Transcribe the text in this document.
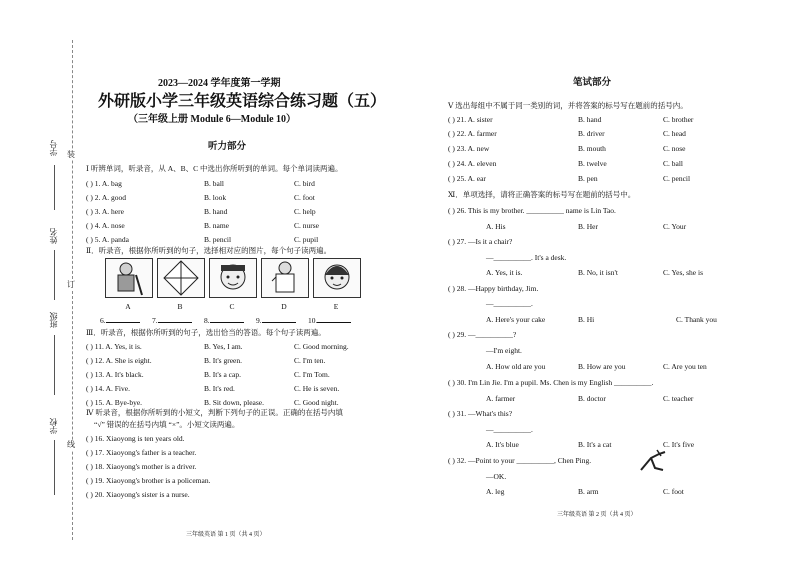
学号
姓名
班级
学校
装
订
线
2023—2024 学年度第一学期
外研版小学三年级英语综合练习题（五）
（三年级上册 Module 6—Module 10）
听力部分
Ⅰ 听辨单词，听录音，从 A、B、C 中选出你所听到的单词。每个单词读两遍。
( ) 1. A. bag	B. ball	C. bird
( ) 2. A. good	B. look	C. foot
( ) 3. A. here	B. hand	C. help
( ) 4. A. nose	B. name	C. nurse
( ) 5. A. panda	B. pencil	C. pupil
Ⅱ．听录音，根据你所听到的句子，选择相对应的图片，每个句子读两遍。
A	B	C	D	E
6.	7.	8.	9.	10.
Ⅲ．听录音，根据你所听到的句子，选出恰当的答语。每个句子读两遍。
( ) 11. A. Yes, it is.	B. Yes, I am.	C. Good morning.
( ) 12. A. She is eight.	B. It's green.	C. I'm ten.
( ) 13. A. It's black.	B. It's a cap.	C. I'm Tom.
( ) 14. A. Five.	B. It's red.	C. He is seven.
( ) 15. A. Bye-bye.	B. Sit down, please.	C. Good night.
Ⅳ 听录音，根据你所听到的小短文，判断下列句子的正误。正确的在括号内填
“√” 错误的在括号内填 “×”。小短文读两遍。
( ) 16. Xiaoyong is ten years old.
( ) 17. Xiaoyong's father is a teacher.
( ) 18. Xiaoyong's mother is a driver.
( ) 19. Xiaoyong's brother is a policeman.
( ) 20. Xiaoyong's sister is a nurse.
三年级英语 第 1 页（共 4 页）
笔试部分
Ⅴ 选出每组中不属于同一类别的词，并将答案的标号写在题前的括号内。
( ) 21. A. sister	B. hand	C. brother
( ) 22. A. farmer	B. driver	C. head
( ) 23. A. new	B. mouth	C. nose
( ) 24. A. eleven	B. twelve	C. ball
( ) 25. A. ear	B. pen	C. pencil
Ⅺ．单项选择，请将正确答案的标号写在题前的括号中。
( ) 26. This is my brother. __________ name is Lin Tao.
A. His	B. Her	C. Your
( ) 27. —Is it a chair?
—__________. It's a desk.
A. Yes, it is.	B. No, it isn't	C. Yes, she is
( ) 28. —Happy birthday, Jim.
—__________.
A. Here's your cake	B. Hi	C. Thank you
( ) 29. —__________?
—I'm eight.
A. How old are you	B. How are you	C. Are you ten
( ) 30. I'm Lin Jie. I'm a pupil. Ms. Chen is my English __________.
A. farmer	B. doctor	C. teacher
( ) 31. —What's this?
—__________.
A. It's blue	B. It's a cat	C. It's five
( ) 32. —Point to your __________, Chen Ping.
—OK.
A. leg	B. arm	C. foot
三年级英语 第 2 页（共 4 页）
